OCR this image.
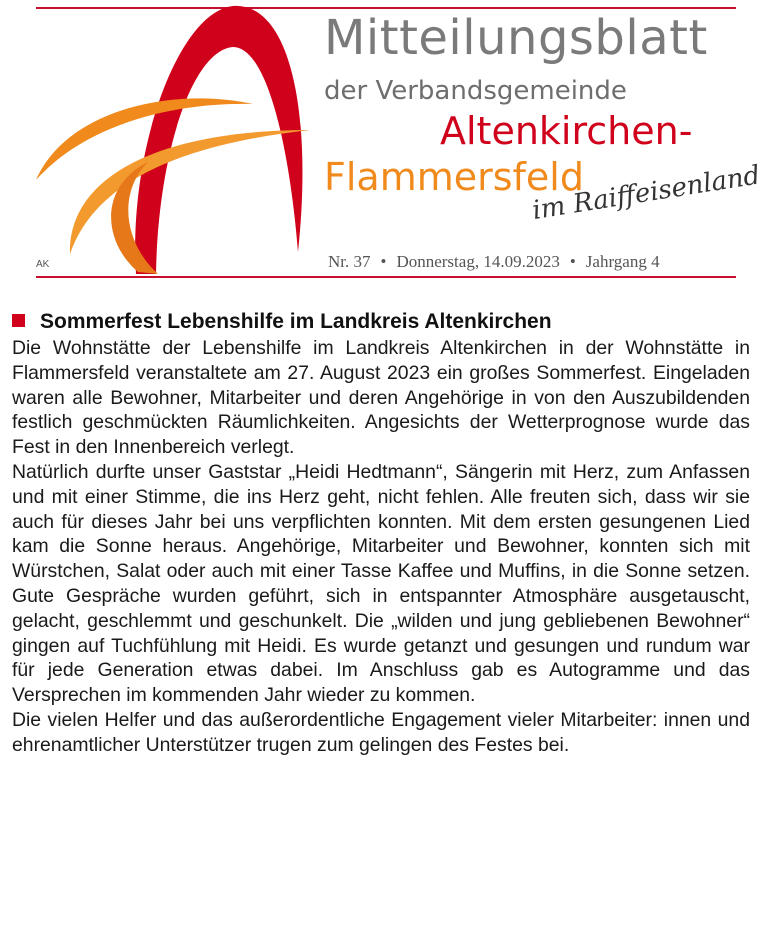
Mitteilungsblatt
der Verbandsgemeinde
Altenkirchen-
Flammersfeld
im Raiffeisenland
AK	Nr. 37 • Donnerstag, 14.09.2023 • Jahrgang 4
Sommerfest Lebenshilfe im Landkreis Altenkirchen

Die Wohnstätte der Lebenshilfe im Landkreis Altenkirchen in der Wohnstätte in Flammersfeld veranstaltete am 27. August 2023 ein großes Sommerfest. Eingeladen waren alle Bewohner, Mitarbeiter und deren Angehörige in von den Auszubildenden festlich geschmückten Räumlichkeiten. Angesichts der Wetterprognose wurde das Fest in den Innenbereich verlegt.

Natürlich durfte unser Gaststar „Heidi Hedtmann“, Sängerin mit Herz, zum Anfassen und mit einer Stimme, die ins Herz geht, nicht fehlen. Alle freuten sich, dass wir sie auch für dieses Jahr bei uns verpflichten konnten. Mit dem ersten gesungenen Lied kam die Sonne heraus. Angehörige, Mitarbeiter und Bewohner, konnten sich mit Würstchen, Salat oder auch mit einer Tasse Kaffee und Muffins, in die Sonne setzen. Gute Gespräche wurden geführt, sich in entspannter Atmosphäre ausgetauscht, gelacht, geschlemmt und geschunkelt. Die „wilden und jung gebliebenen Bewohner“ gingen auf Tuchfühlung mit Heidi. Es wurde getanzt und gesungen und rundum war für jede Generation etwas dabei. Im Anschluss gab es Autogramme und das Versprechen im kommenden Jahr wieder zu kommen.

Die vielen Helfer und das außerordentliche Engagement vieler Mitarbeiter: innen und ehrenamtlicher Unterstützer trugen zum gelingen des Festes bei.
